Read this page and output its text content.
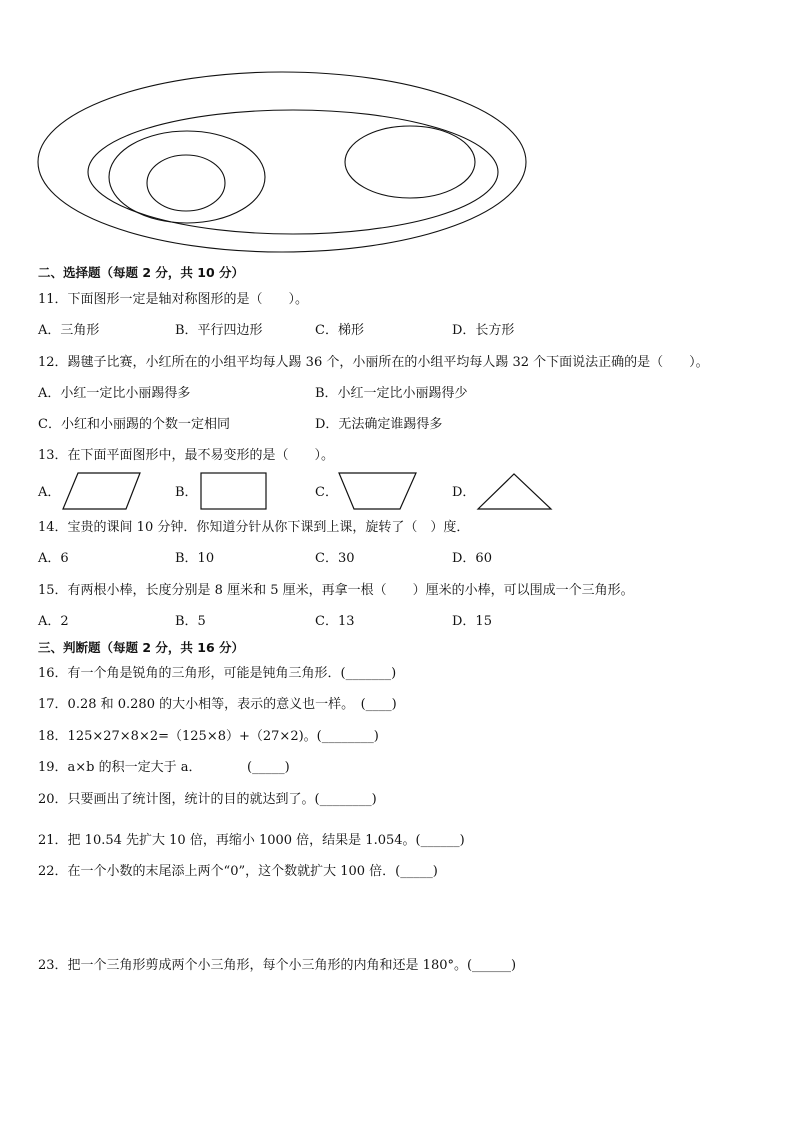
二、选择题（每题 2 分，共 10 分）
11．下面图形一定是轴对称图形的是（　　）。
A．三角形	B．平行四边形	C．梯形	D．长方形
12．踢毽子比赛，小红所在的小组平均每人踢 36 个，小丽所在的小组平均每人踢 32 个下面说法正确的是（　　）。
A．小红一定比小丽踢得多	B．小红一定比小丽踢得少
C．小红和小丽踢的个数一定相同	D．无法确定谁踢得多
13．在下面平面图形中，最不易变形的是（　　）。
A．	B．	C．	D．
14．宝贵的课间 10 分钟．你知道分针从你下课到上课，旋转了（　）度．
A．6	B．10	C．30	D．60
15．有两根小棒，长度分别是 8 厘米和 5 厘米，再拿一根（　　）厘米的小棒，可以围成一个三角形。
A．2	B．5	C．13	D．15
三、判断题（每题 2 分，共 16 分）
16．有一个角是锐角的三角形，可能是钝角三角形．(_______)
17．0.28 和 0.280 的大小相等，表示的意义也一样。　(____)
18．125×27×8×2=（125×8）+（27×2)。(________)
19．a×b 的积一定大于 a．　　　　(_____)
20．只要画出了统计图，统计的目的就达到了。(________)
21．把 10.54 先扩大 10 倍，再缩小 1000 倍，结果是 1.054。(______)
22．在一个小数的末尾添上两个“0”，这个数就扩大 100 倍．(_____)
23．把一个三角形剪成两个小三角形，每个小三角形的内角和还是 180°。(______)
